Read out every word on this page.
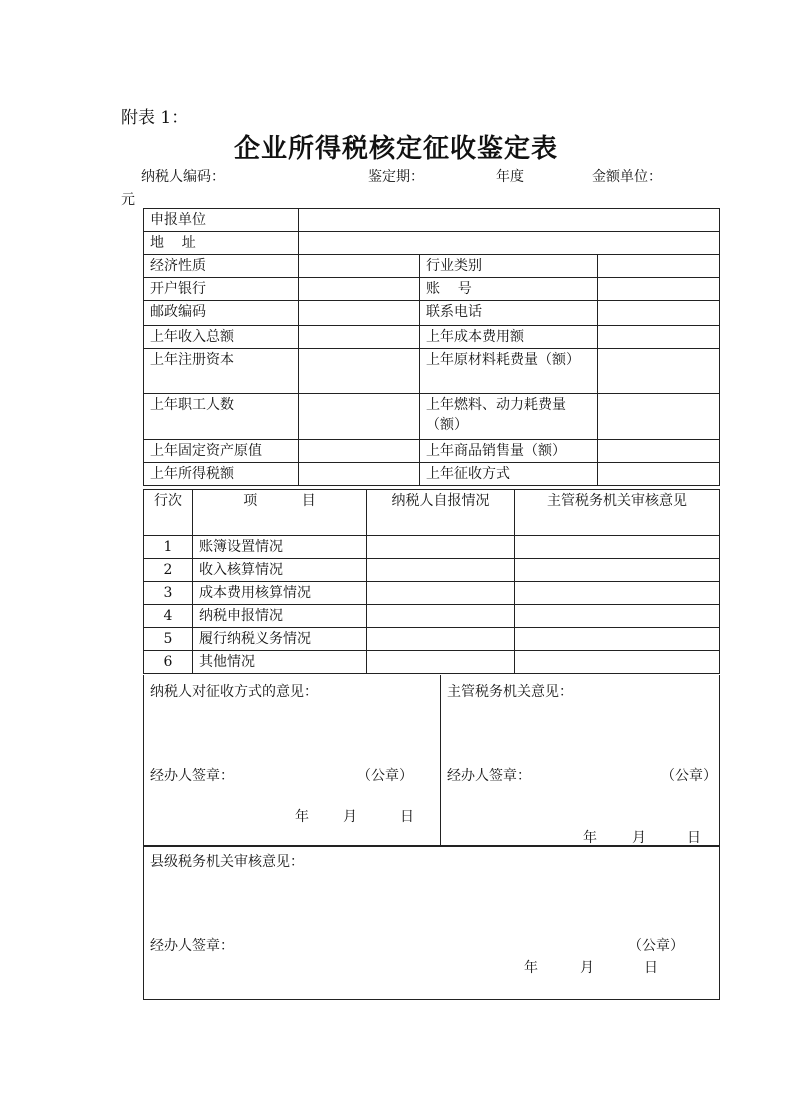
附表 1：
企业所得税核定征收鉴定表
纳税人编码：	鉴定期：	年度	金额单位：
元
申报单位			
地    址			
经济性质		行业类别	
开户银行		账    号	
邮政编码		联系电话	
上年收入总额		上年成本费用额	
上年注册资本		上年原材料耗费量（额）	
上年职工人数		上年燃料、动力耗费量（额）	
上年固定资产原值		上年商品销售量（额）	
上年所得税额		上年征收方式	
行次	项          目	纳税人自报情况	主管税务机关审核意见
1	账簿设置情况		
2	收入核算情况		
3	成本费用核算情况		
4	纳税申报情况		
5	履行纳税义务情况		
6	其他情况		
纳税人对征收方式的意见：
经办人签章：	（公章）
年 月	日
主管税务机关意见：
经办人签章：	（公章）
年	月	日
县级税务机关审核意见：
经办人签章：	（公章）
年	月	日
